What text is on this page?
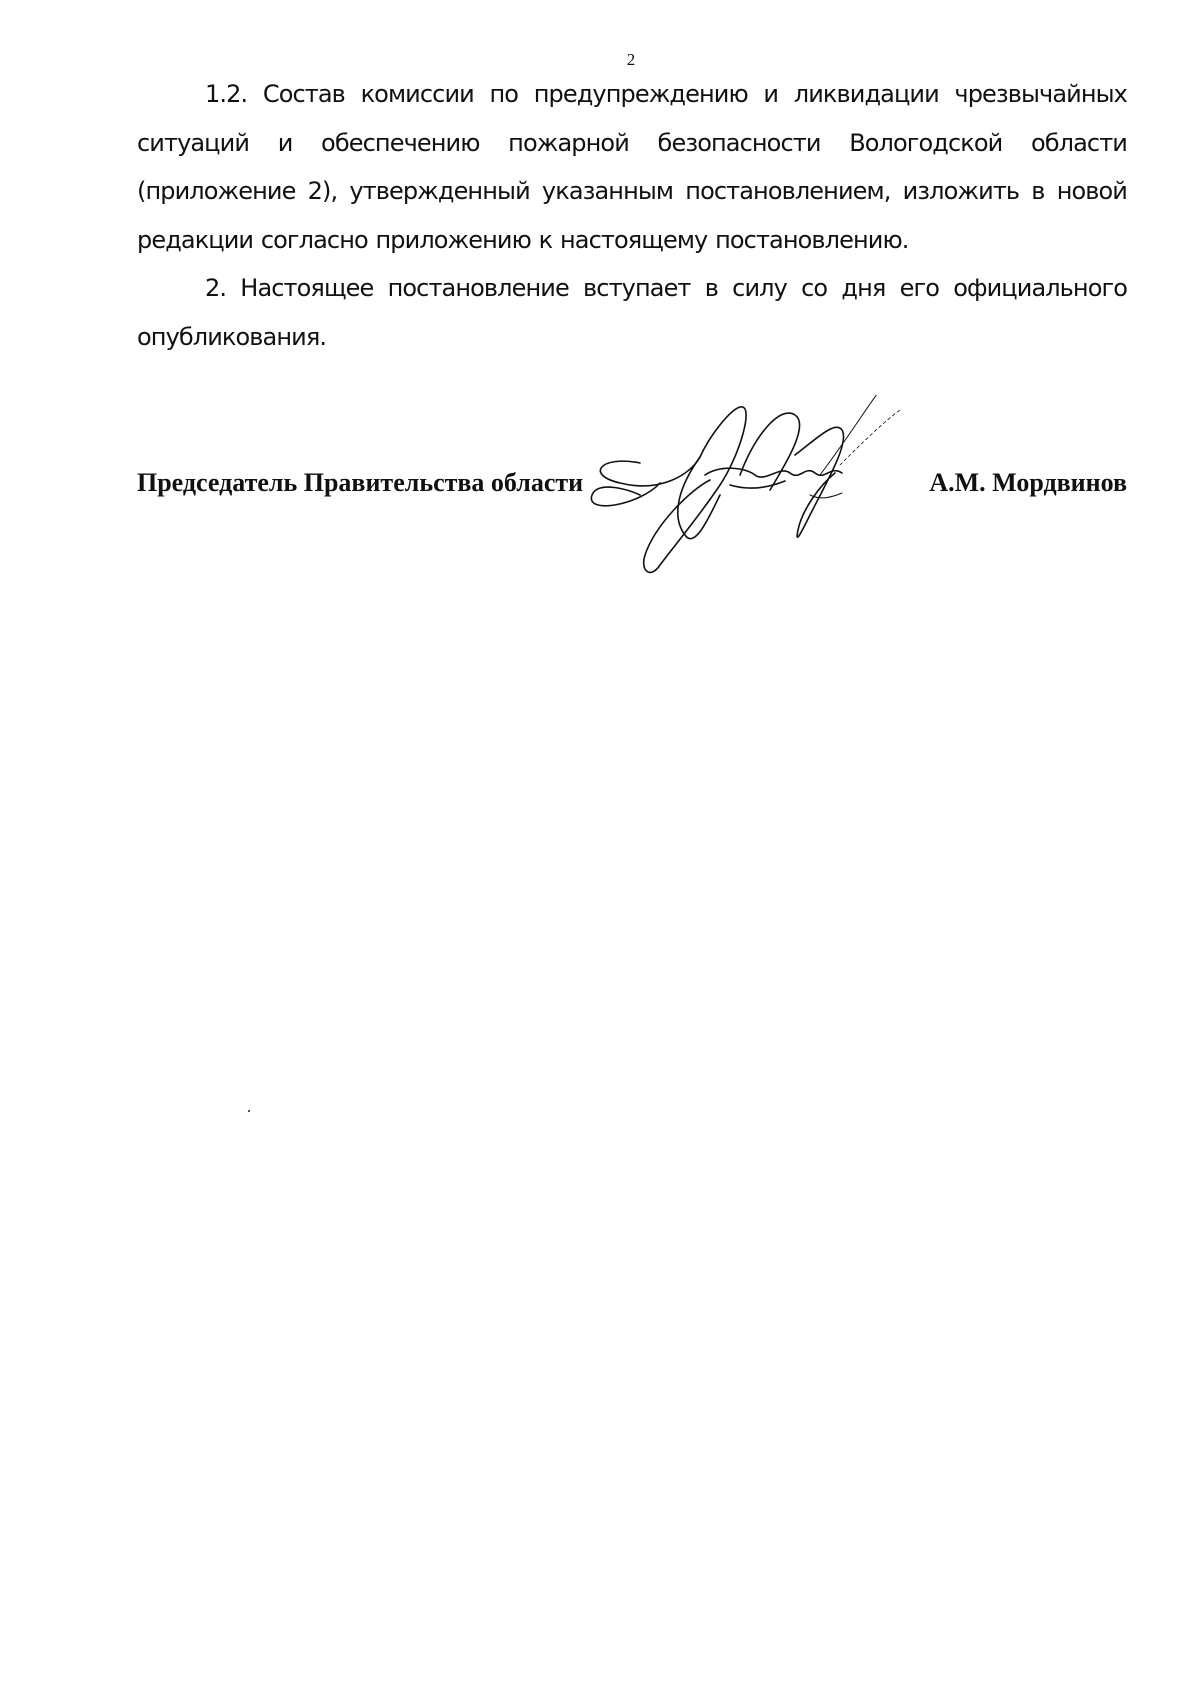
2

1.2. Состав комиссии по предупреждению и ликвидации чрезвычайных ситуаций и обеспечению пожарной безопасности Вологодской области (приложение 2), утвержденный указанным постановлением, изложить в новой редакции согласно приложению к настоящему постановлению.

2. Настоящее постановление вступает в силу со дня его официального опубликования.

Председатель Правительства области	А.М. Мордвинов
